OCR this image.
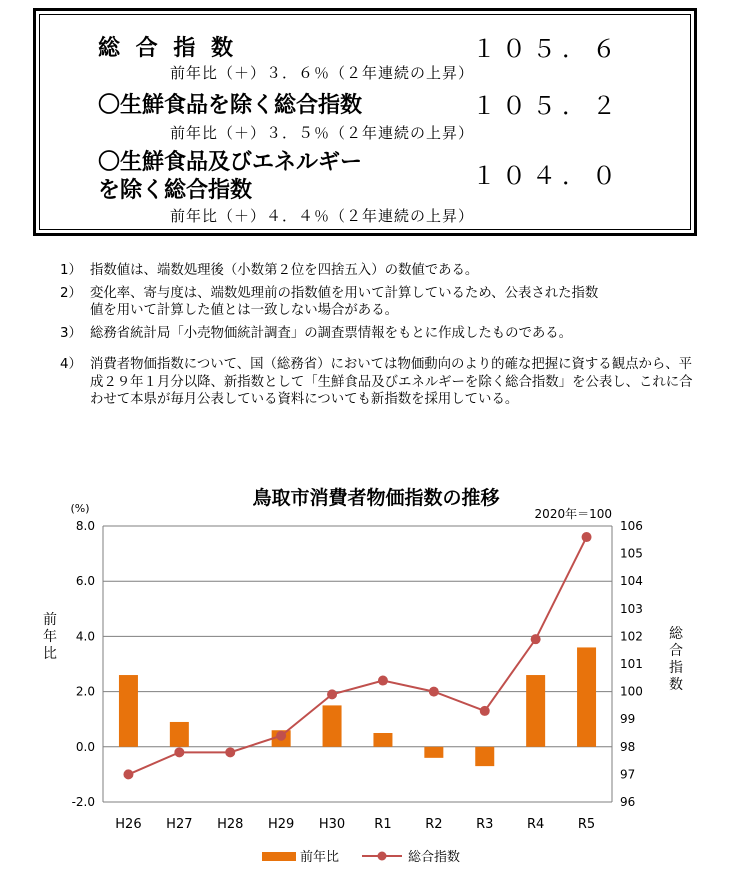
総 合 指 数	１０５．６
前年比（＋）３．６％（２年連続の上昇）
〇生鮮食品を除く総合指数	１０５．２
前年比（＋）３．５％（２年連続の上昇）
〇生鮮食品及びエネルギー
を除く総合指数
１０４．０
前年比（＋）４．４％（２年連続の上昇）
1） 指数値は、端数処理後（小数第２位を四捨五入）の数値である。
2） 変化率、寄与度は、端数処理前の指数値を用いて計算しているため、公表された指数値を用いて計算した値とは一致しない場合がある。
3） 総務省統計局「小売物価統計調査」の調査票情報をもとに作成したものである。
4） 消費者物価指数について、国（総務省）においては物価動向のより的確な把握に資する観点から、平成２９年１月分以降、新指数として「生鮮食品及びエネルギーを除く総合指数」を公表し、これに合わせて本県が毎月公表している資料についても新指数を採用している。
鳥取市消費者物価指数の推移
2020年＝100
(%)
-2.0
0.0
2.0
4.0
6.0
8.0
96
97
98
99
100
101
102
103
104
105
106
H26 H27 H28 H29 H30 R1	R2	R3	R4	R5
前
年
比
総
合
指
数
前年比	総合指数
